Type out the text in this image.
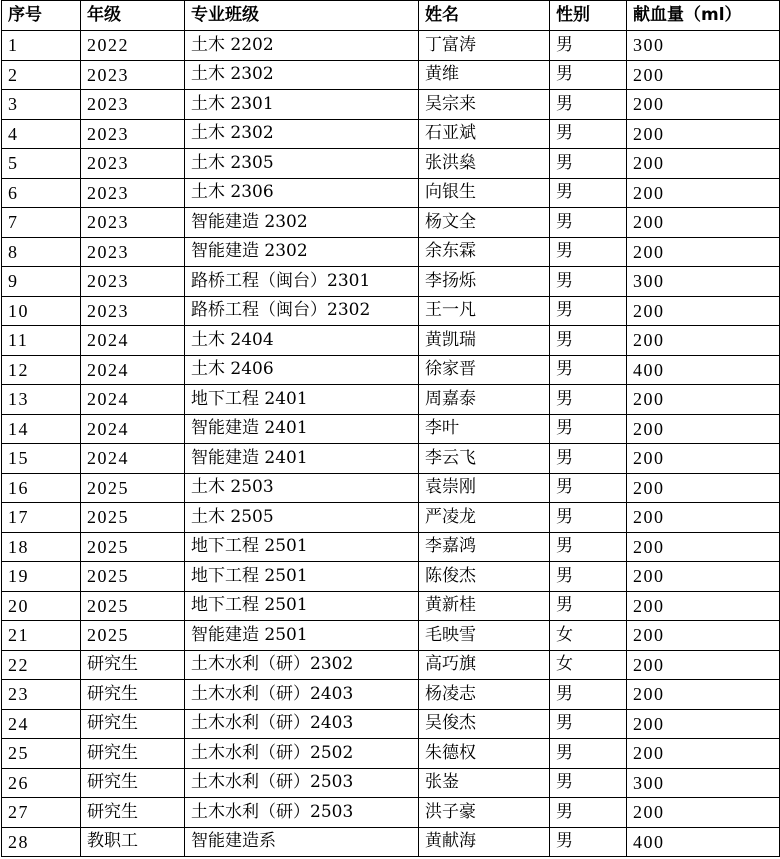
序号	年级	专业班级	姓名	性别	献血量（ml）
1	2022	土木 2202	丁富涛	男	300
2	2023	土木 2302	黄维	男	200
3	2023	土木 2301	吴宗来	男	200
4	2023	土木 2302	石亚斌	男	200
5	2023	土木 2305	张洪燊	男	200
6	2023	土木 2306	向银生	男	200
7	2023	智能建造 2302	杨文全	男	200
8	2023	智能建造 2302	余东霖	男	200
9	2023	路桥工程（闽台）2301	李扬烁	男	300
10	2023	路桥工程（闽台）2302	王一凡	男	200
11	2024	土木 2404	黄凯瑞	男	200
12	2024	土木 2406	徐家晋	男	400
13	2024	地下工程 2401	周嘉泰	男	200
14	2024	智能建造 2401	李叶	男	200
15	2024	智能建造 2401	李云飞	男	200
16	2025	土木 2503	袁崇刚	男	200
17	2025	土木 2505	严凌龙	男	200
18	2025	地下工程 2501	李嘉鸿	男	200
19	2025	地下工程 2501	陈俊杰	男	200
20	2025	地下工程 2501	黄新桂	男	200
21	2025	智能建造 2501	毛映雪	女	200
22	研究生	土木水利（研）2302	高巧旗	女	200
23	研究生	土木水利（研）2403	杨凌志	男	200
24	研究生	土木水利（研）2403	吴俊杰	男	200
25	研究生	土木水利（研）2502	朱德权	男	200
26	研究生	土木水利（研）2503	张崟	男	300
27	研究生	土木水利（研）2503	洪子豪	男	200
28	教职工	智能建造系	黄献海	男	400
